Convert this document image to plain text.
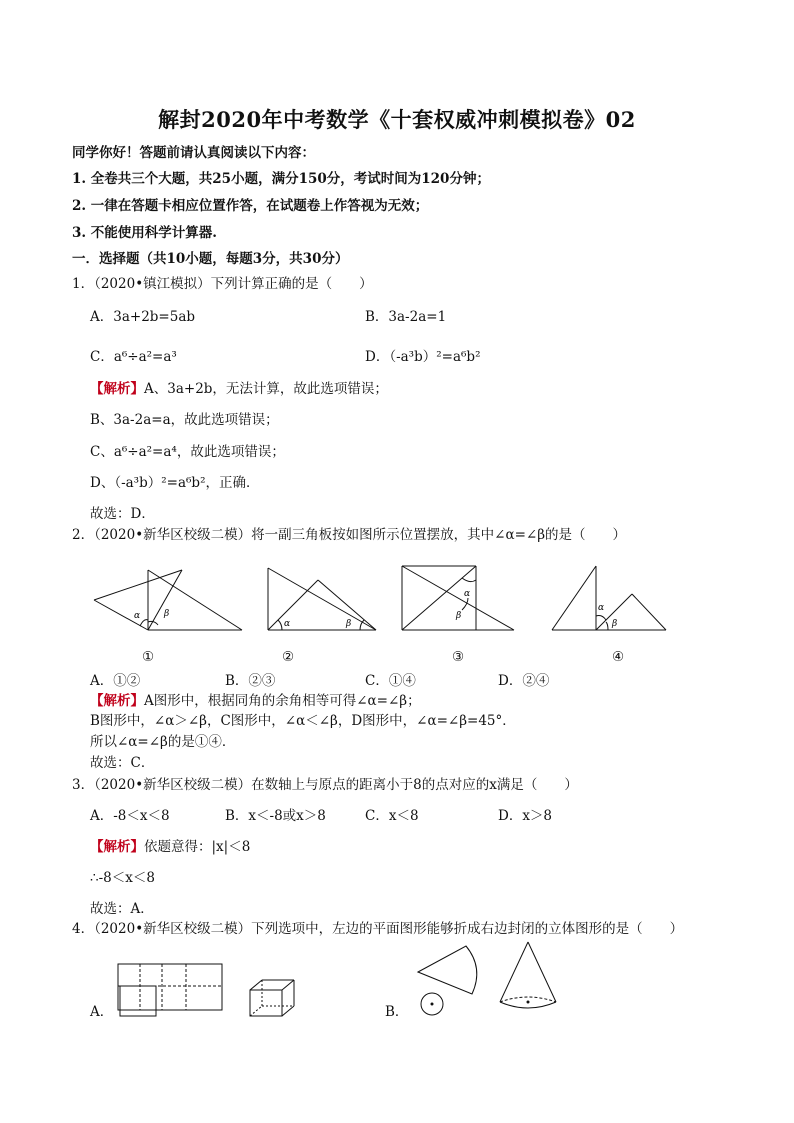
解封2020年中考数学《十套权威冲刺模拟卷》02
同学你好！答题前请认真阅读以下内容：
1. 全卷共三个大题，共25小题，满分150分，考试时间为120分钟；
2. 一律在答题卡相应位置作答，在试题卷上作答视为无效；
3. 不能使用科学计算器.
一．选择题（共10小题，每题3分，共30分）
1．（2020•镇江模拟）下列计算正确的是（　　）
A．3a+2b=5ab	B．3a-2a=1
C．a⁶÷a²=a³	D．（-a³b）²=a⁶b²
【解析】A、3a+2b，无法计算，故此选项错误；
B、3a-2a=a，故此选项错误；
C、a⁶÷a²=a⁴，故此选项错误；
D、（-a³b）²=a⁶b²，正确．
故选：D．
2．（2020•新华区校级二模）将一副三角板按如图所示位置摆放，其中∠α=∠β的是（　　）
α	β
α	β
α
β
α
β
①	②	③	④
A．①②	B．②③	C．①④	D．②④
【解析】A图形中，根据同角的余角相等可得∠α=∠β；
B图形中，∠α＞∠β，C图形中，∠α＜∠β，D图形中，∠α=∠β=45°．
所以∠α=∠β的是①④．
故选：C．
3．（2020•新华区校级二模）在数轴上与原点的距离小于8的点对应的x满足（　　）
A．-8＜x＜8	B．x＜-8或x＞8	C．x＜8	D．x＞8
【解析】依题意得：|x|＜8
∴-8＜x＜8
故选：A．
4．（2020•新华区校级二模）下列选项中，左边的平面图形能够折成右边封闭的立体图形的是（　　）
A．	B．
